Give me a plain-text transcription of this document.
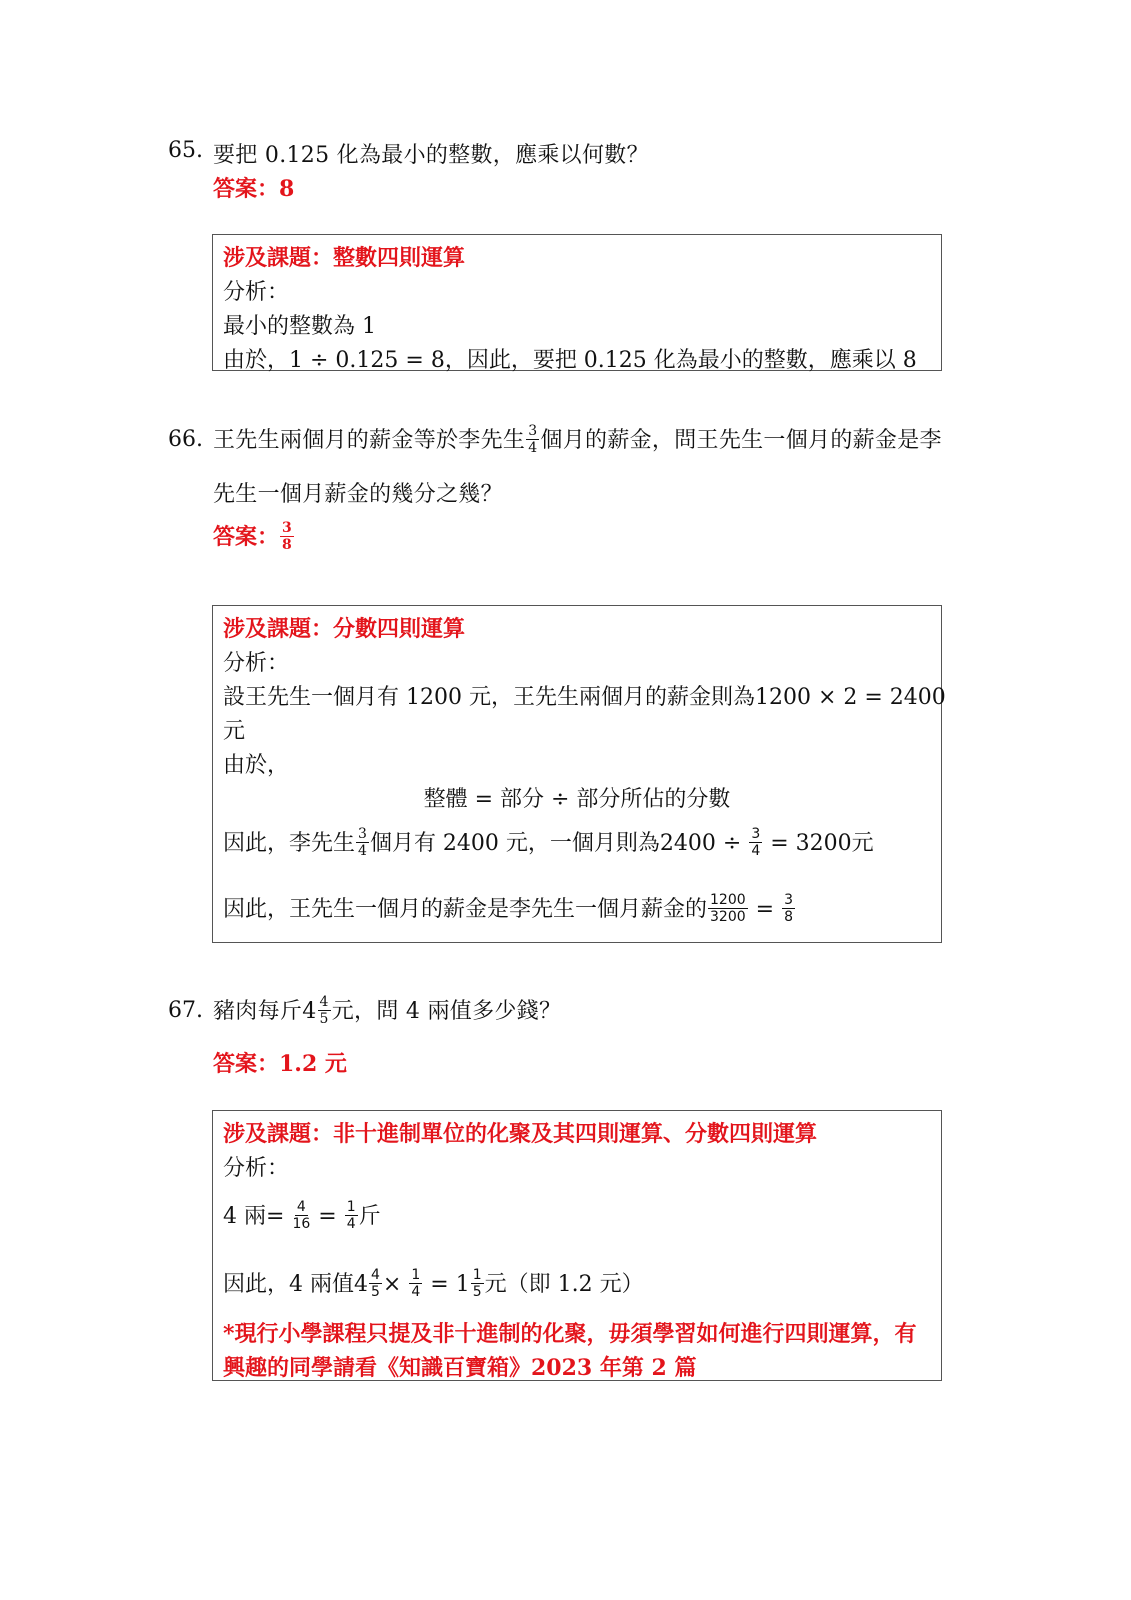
65. 要把 0.125 化為最小的整數，應乘以何數？
答案：8
涉及課題：整數四則運算
分析：
最小的整數為 1
由於，1 ÷ 0.125 = 8，因此，要把 0.125 化為最小的整數，應乘以 8
66. 王先生兩個月的薪金等於李先生 $\frac{3}{4}$ 個月的薪金，問王先生一個月的薪金是李
先生一個月薪金的幾分之幾？
答案： $\frac{3}{8}$
涉及課題：分數四則運算
分析：
設王先生一個月有 1200 元，王先生兩個月的薪金則為1200 × 2 = 2400
元
由於，
整體 = 部分 ÷ 部分所佔的分數
因此，李先生 $\frac{3}{4}$ 個月有 2400 元，一個月則為$2400 \div \frac{3}{4} = 3200$元
因此，王先生一個月的薪金是李先生一個月薪金的 $\frac{1200}{3200} = \frac{3}{8}$
67. 豬肉每斤$4 \frac{4}{5}$ 元，問 4 兩值多少錢？
答案：1.2 元
涉及課題：非十進制單位的化聚及其四則運算、分數四則運算
分析：
4 兩= $\frac{4}{16} = \frac{1}{4}$ 斤
因此，4 兩值$4 \frac{4}{5} \times \frac{1}{4} = 1 \frac{1}{5}$ 元（即 1.2 元）
*現行小學課程只提及非十進制的化聚，毋須學習如何進行四則運算，有
興趣的同學請看《知識百寶箱》2023 年第 2 篇
